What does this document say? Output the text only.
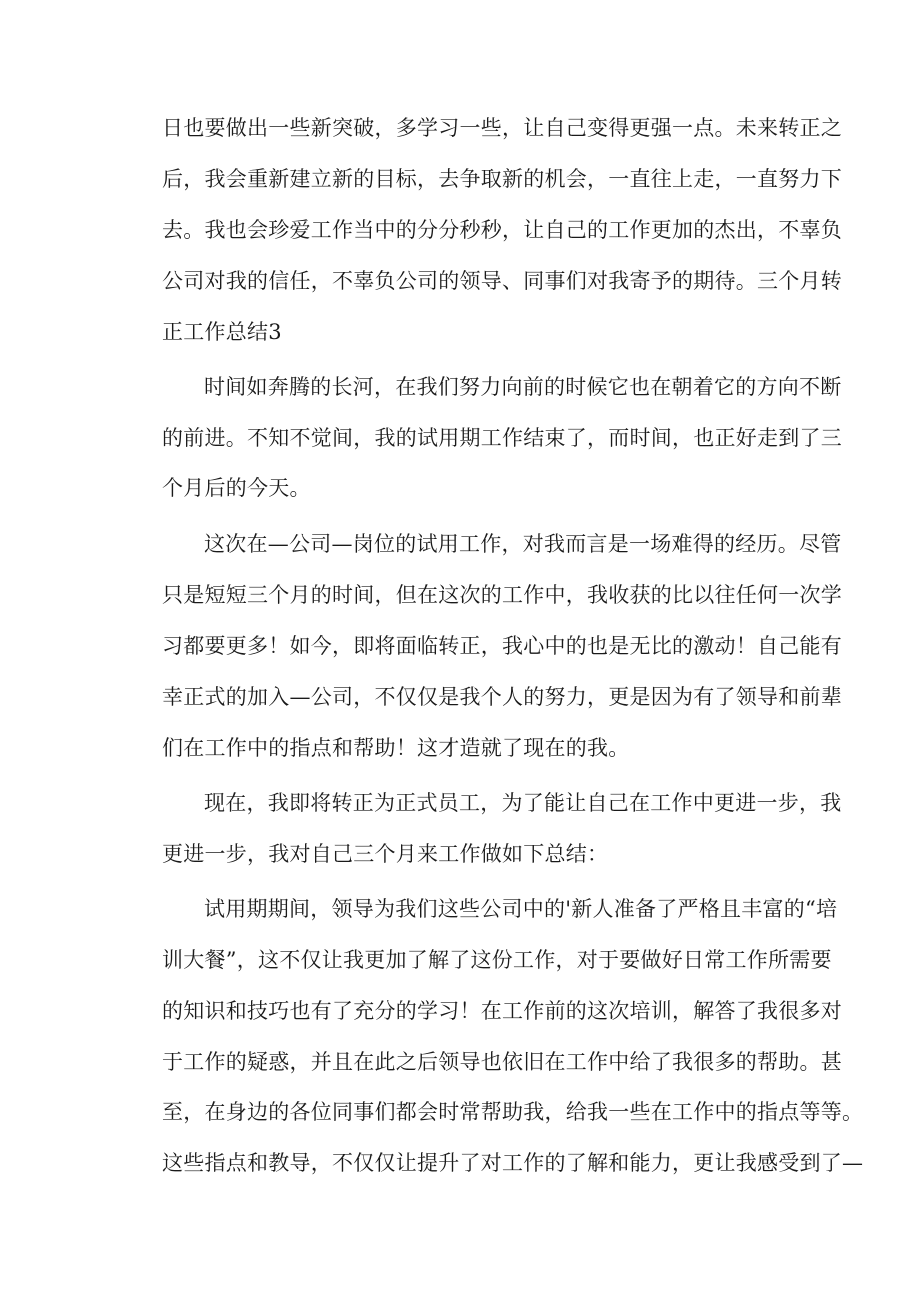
日也要做出一些新突破，多学习一些，让自己变得更强一点。未来转正之
后，我会重新建立新的目标，去争取新的机会，一直往上走，一直努力下
去。我也会珍爱工作当中的分分秒秒，让自己的工作更加的杰出，不辜负
公司对我的信任，不辜负公司的领导、同事们对我寄予的期待。三个月转
正工作总结3
时间如奔腾的长河，在我们努力向前的时候它也在朝着它的方向不断
的前进。不知不觉间，我的试用期工作结束了，而时间，也正好走到了三
个月后的今天。
这次在—公司—岗位的试用工作，对我而言是一场难得的经历。尽管
只是短短三个月的时间，但在这次的工作中，我收获的比以往任何一次学
习都要更多！如今，即将面临转正，我心中的也是无比的激动！自己能有
幸正式的加入—公司，不仅仅是我个人的努力，更是因为有了领导和前辈
们在工作中的指点和帮助！这才造就了现在的我。
现在，我即将转正为正式员工，为了能让自己在工作中更进一步，我
更进一步，我对自己三个月来工作做如下总结：
试用期期间，领导为我们这些公司中的'新人准备了严格且丰富的“培
训大餐”，这不仅让我更加了解了这份工作，对于要做好日常工作所需要
的知识和技巧也有了充分的学习！在工作前的这次培训，解答了我很多对
于工作的疑惑，并且在此之后领导也依旧在工作中给了我很多的帮助。甚
至，在身边的各位同事们都会时常帮助我，给我一些在工作中的指点等等。
这些指点和教导，不仅仅让提升了对工作的了解和能力，更让我感受到了—
